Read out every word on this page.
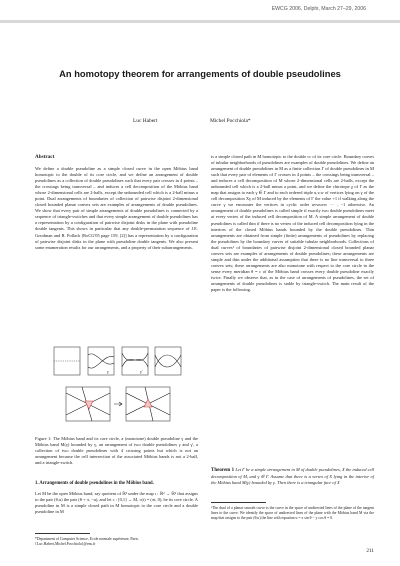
EWCG 2006, Delphi, March 27–29, 2006
An homotopy theorem for arrangements of double pseudolines
Luc Habert	Michel Pocchiola*
Abstract
We define a double pseudoline as a simple closed curve in the open Möbius band homotopic to the double of its core circle, and we define an arrangement of double pseudolines as a collection of double pseudolines such that every pair crosses in 4 points – the crossings being transversal – and induces a cell decomposition of the Möbius band whose 2-dimensional cells are 2-balls, except the unbounded cell which is a 2-ball minus a point. Dual arrangements of boundaries of collection of pairwise disjoint 2-dimensional closed bounded planar convex sets are examples of arrangements of double pseudolines. We show that every pair of simple arrangements of double pseudolines is connected by a sequence of triangle-switches and that every simple arrangement of double pseudolines has a representation by a configuration of pairwise disjoint disks in the plane with pseudoline double tangents. This shows in particular that any double-permutation sequence of J.E. Goodman and R. Pollack [RoCG'05 page 159, [2]] has a representation by a configuration of pairwise disjoint disks in the plane with pseudoline double tangents. We also present some enumeration results for our arrangements, and a property of their subarrangements.
γ	γ'
Figure 1: The Möbius band and its core circle, a (monotone) double pseudoline γ and the Möbius band M(γ) bounded by γ, an arrangement of two double pseudolines γ and γ', a collection of two double pseudolines with 4 crossing points but which is not an arrangement because the cell intersection of the associated Möbius bands is not a 2-ball, and a triangle-switch.
1. Arrangements of double pseudolines in the Möbius band.
Let M be the open Möbius band, say quotient of ℝ² under the map ι : ℝ² → ℝ² that assigns to the pair (θ,u) the pair (θ + π, −u), and let c : [0,1] → M, c(t) = (πt, 0), be its core circle. A pseudoline in M is a simple closed path in M homotopic to the core circle and a double pseudoline in M
*Department of Computer Science, Ecole normale supérieure, Paris. {Luc.Habert,Michel.Pocchiola}@ens.fr
is a simple closed path in M homotopic to the double cc of its core circle. Boundary curves of tubular neighborhoods of pseudolines are examples of double pseudolines. We define an arrangement of double pseudolines in M as a finite collection Γ of double pseudolines in M such that every pair of elements of Γ crosses in 4 points – the crossings being transversal – and induces a cell decomposition of M whose 2-dimensional cells are 2-balls, except the unbounded cell which is a 2-ball minus a point, and we define the chirotope χ of Γ as the map that assigns to each γ ∈ Γ and to each ordered triple u,v,w of vertices lying on γ of the cell decomposition Xγ of M induced by the elements of Γ the value +1 if walking along the curve γ we encounter the vertices in cyclic order uvwuvw ··· , −1 otherwise. An arrangement of double pseudolines is called simple if exactly two double pseudolines meet at every vertex of the induced cell decomposition of M. A simple arrangement of double pseudolines is called thin if there is no vertex of the induced cell decomposition lying in the interiors of the closed Möbius bands bounded by the double pseudolines. Thin arrangements are obtained from simple (finite) arrangements of pseudolines by replacing the pseudolines by the boundary curves of suitable tubular neighborhoods. Collections of dual curves¹ of boundaries of pairwise disjoint 2-dimensional closed bounded planar convex sets are examples of arrangements of double pseudolines; these arrangements are simple and thin under the additional assumption that there is no line transversal to three convex sets; these arrangements are also monotone with respect to the core circle in the sense every meridian θ = c of the Möbius band crosses every double pseudoline exactly twice. Finally we observe that, as in the case of arrangements of pseudolines, the set of arrangements of double pseudolines is stable by triangle-switch. The main result of the paper is the following.
Theorem 1 Let Γ be a simple arrangement in M of double pseudolines, X the induced cell decomposition of M, and γ ∈ Γ. Assume that there is a vertex of X lying in the interior of the Möbius band M(γ) bounded by γ. Then there is a triangular face of X
¹The dual of a planar smooth curve is the curve in the space of undirected lines of the plane of the tangent lines to the curve. We identify the space of undirected lines of the plane with the Möbius band M via the map that assigns to the pair (θ,u) the line with equation u = x sin θ − y cos θ = 0.
211
